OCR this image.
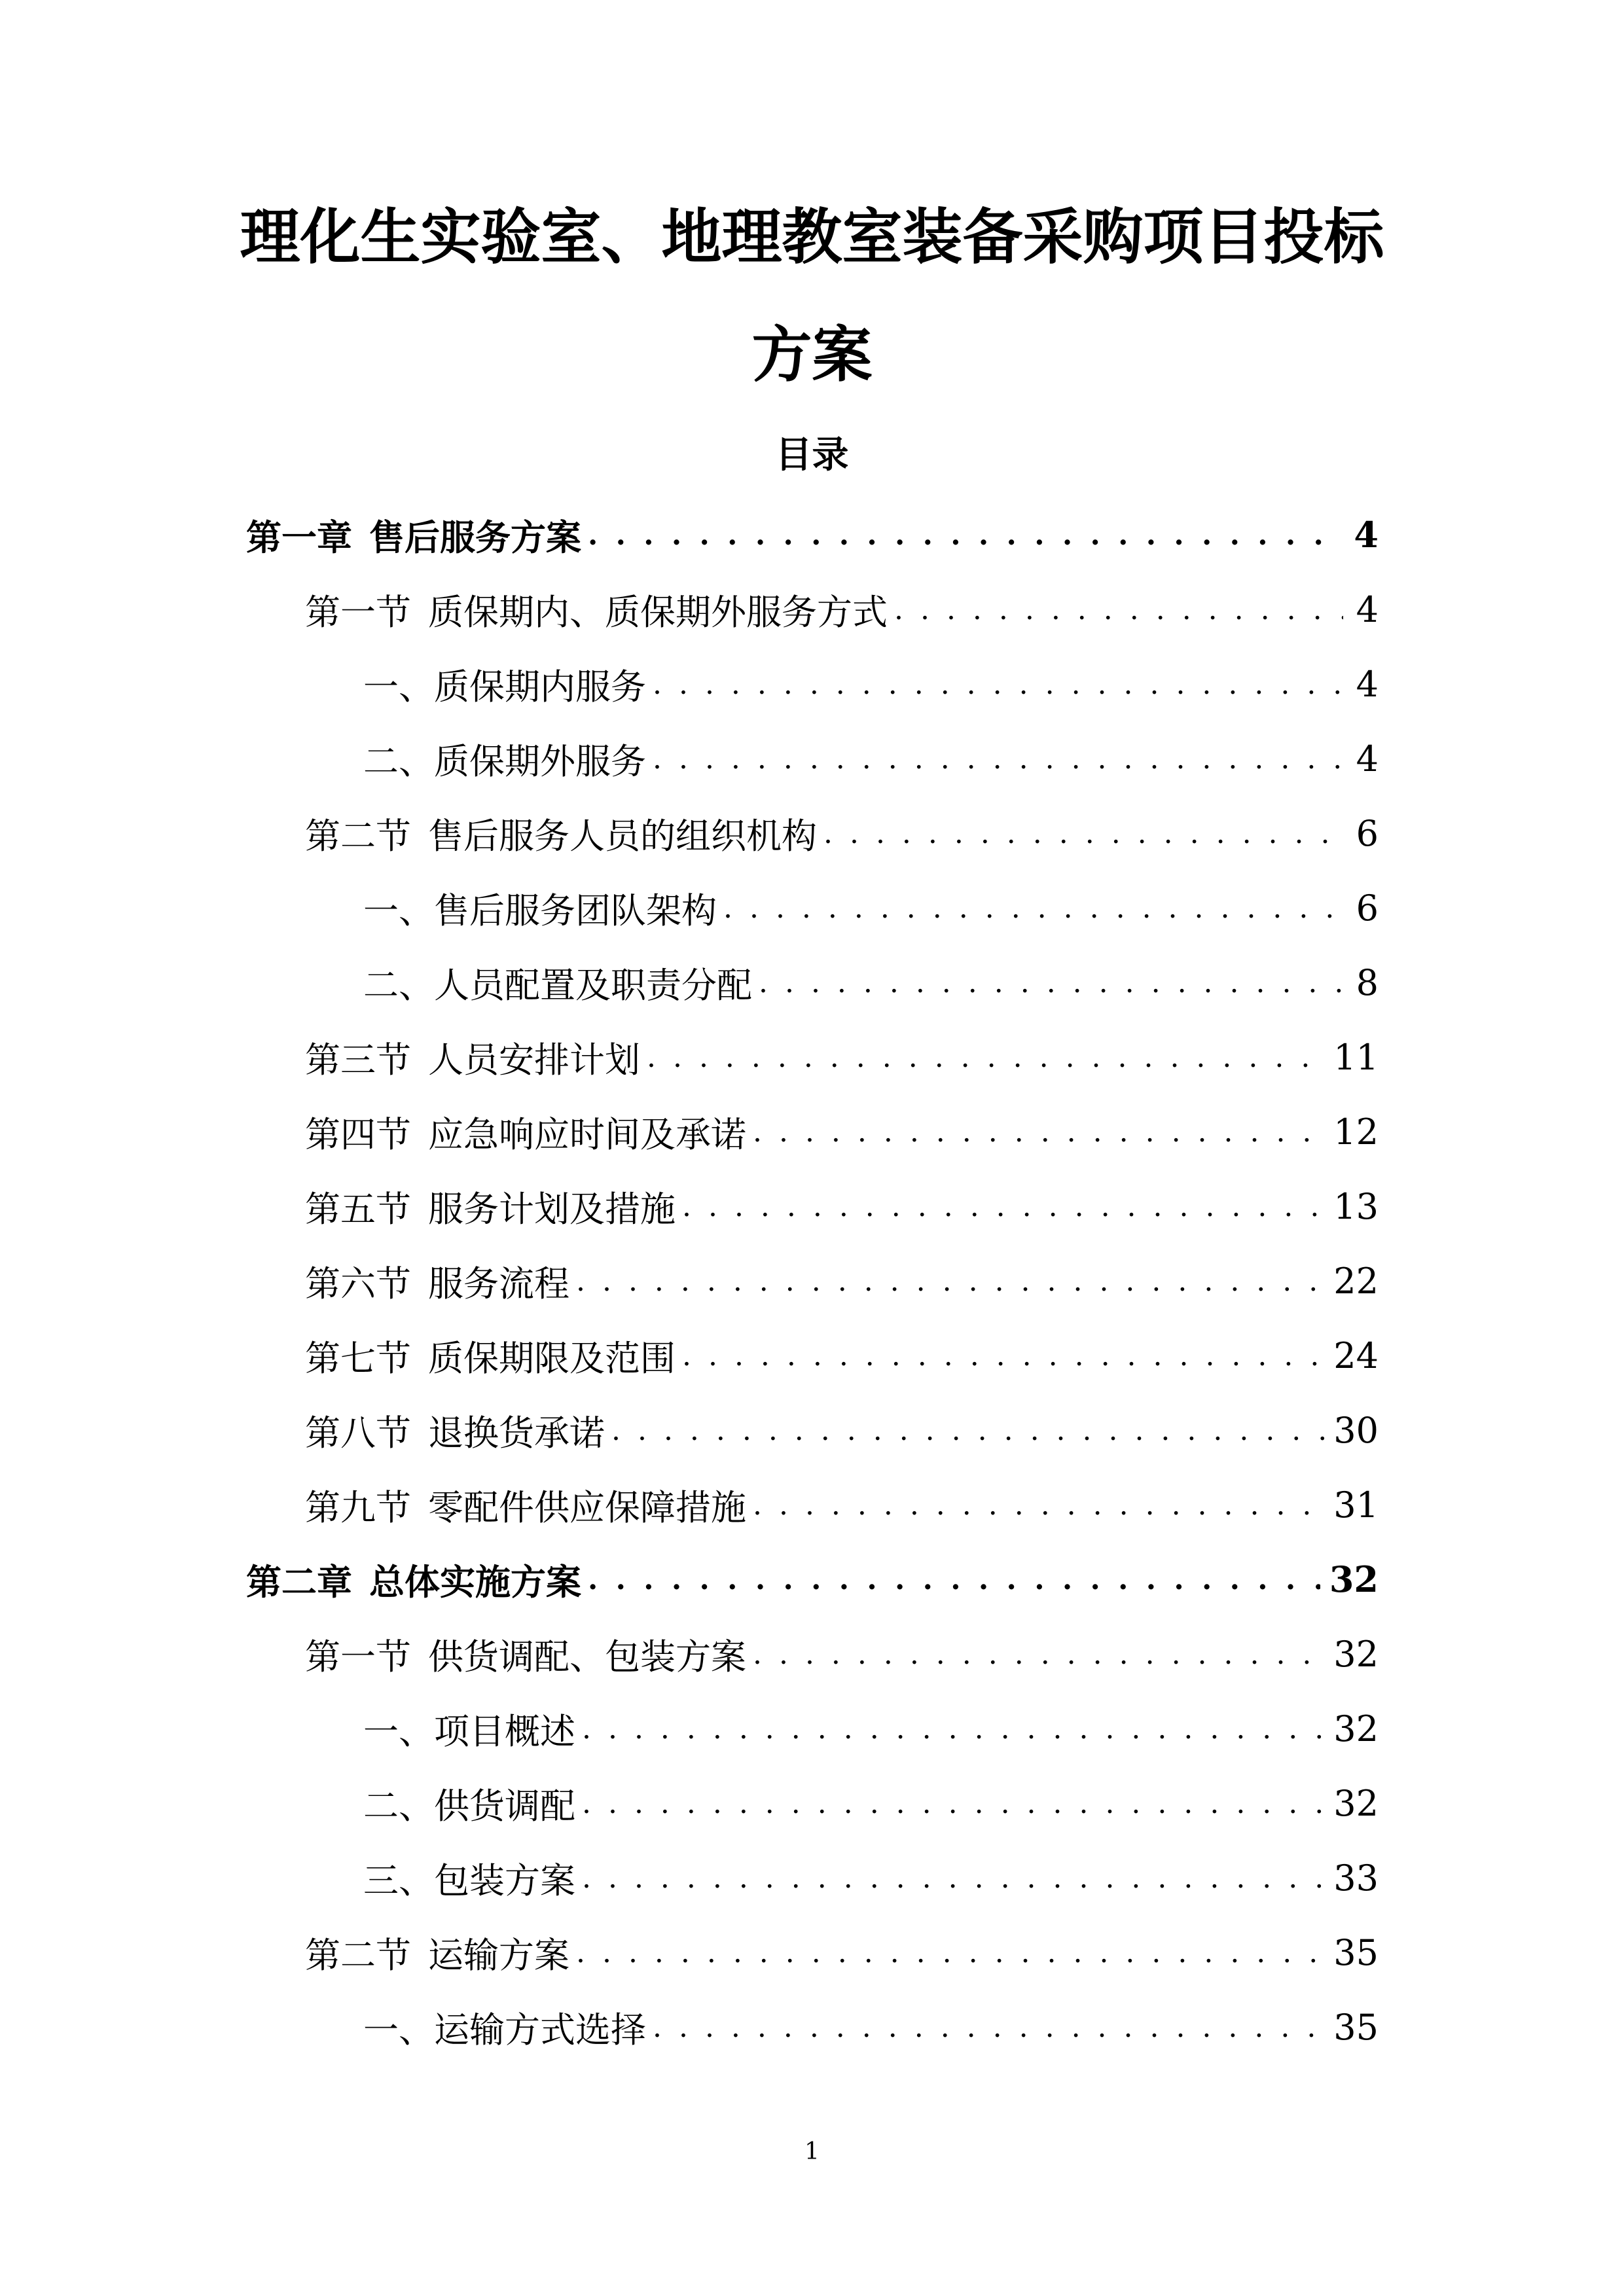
理化生实验室、地理教室装备采购项目投标
方案
目录
第一章 售后服务方案 . . .	4
第一节 质保期内、质保期外服务方式 . . .	4
一、质保期内服务 . . .	4
二、质保期外服务 . . .	4
第二节 售后服务人员的组织机构 . . .	6
一、售后服务团队架构 . . .	6
二、人员配置及职责分配 . . .	8
第三节 人员安排计划 . . .	11
第四节 应急响应时间及承诺 . . .	12
第五节 服务计划及措施 . . .	13
第六节 服务流程 . . .	22
第七节 质保期限及范围 . . .	24
第八节 退换货承诺 . . .	30
第九节 零配件供应保障措施 . . .	31
第二章 总体实施方案 . . .	32
第一节 供货调配、包装方案 . . .	32
一、项目概述 . . .	32
二、供货调配 . . .	32
三、包装方案 . . .	33
第二节 运输方案 . . .	35
一、运输方式选择 . . .	35
1
